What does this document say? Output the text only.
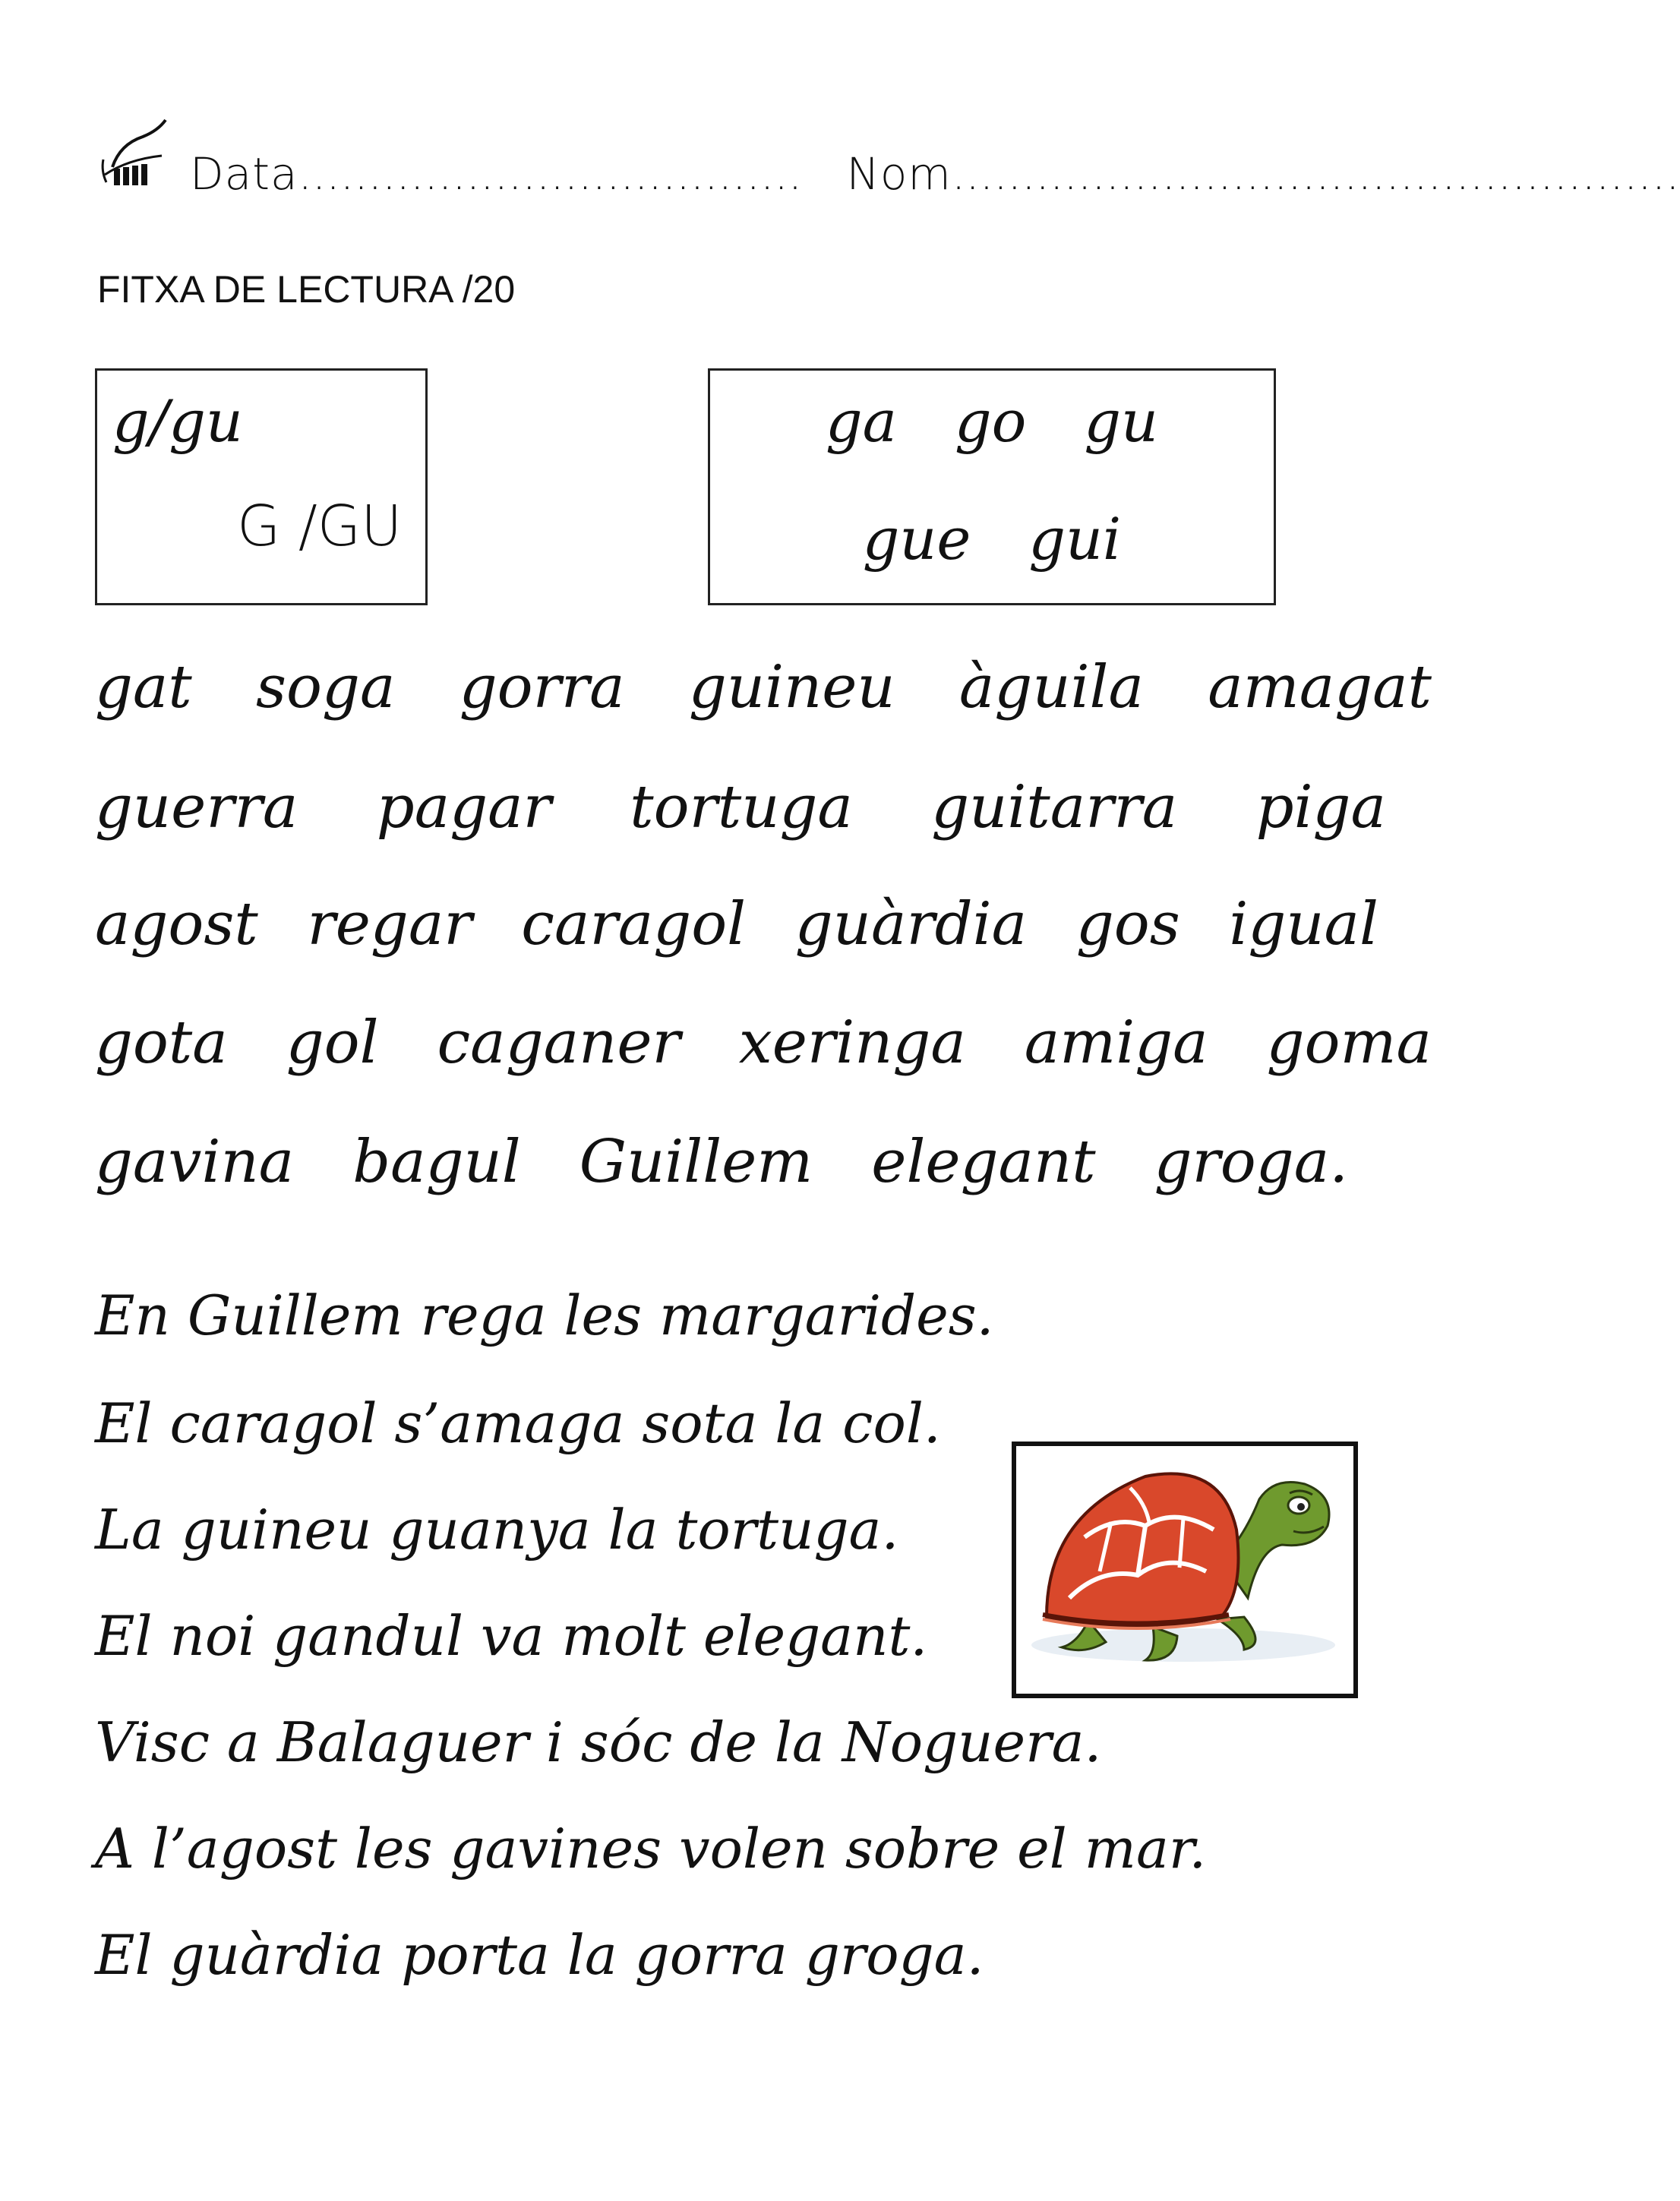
Data.................................... Nom....................................................
FITXA DE LECTURA /20
g/gu
G /GU
ga go gu
gue gui
gat soga gorra guineu àguila amagat
guerra pagar tortuga guitarra piga
agost regar caragol guàrdia gos igual
gota gol caganer xeringa amiga goma
gavina bagul Guillem elegant groga.
En Guillem rega les margarides.
El caragol s’amaga sota la col.
La guineu guanya la tortuga.
El noi gandul va molt elegant.
Visc a Balaguer i sóc de la Noguera.
A l’agost les gavines volen sobre el mar.
El guàrdia porta la gorra groga.
